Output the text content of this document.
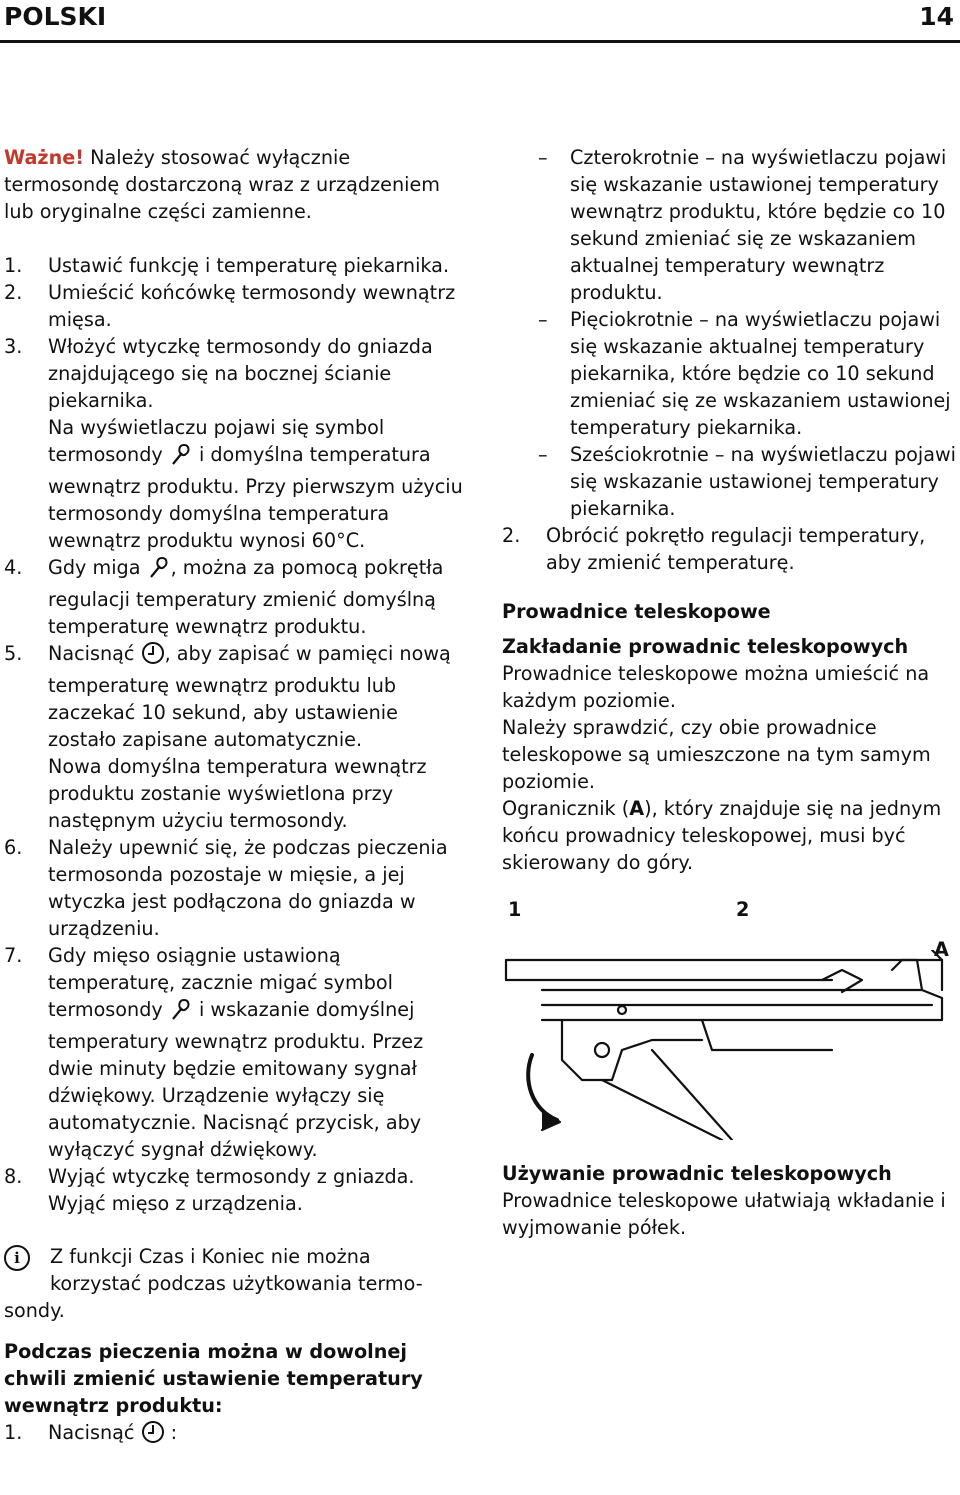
POLSKI	14

Ważne! Należy stosować wyłącznie termosondę dostarczoną wraz z urządzeniem lub oryginalne części zamienne.

1. Ustawić funkcję i temperaturę piekarnika.
2. Umieścić końcówkę termosondy wewnątrz mięsa.
3. Włożyć wtyczkę termosondy do gniazda znajdującego się na bocznej ścianie piekarnika.
Na wyświetlaczu pojawi się symbol termosondy  i domyślna temperatura wewnątrz produktu. Przy pierwszym użyciu termosondy domyślna temperatura wewnątrz produktu wynosi 60°C.
4. Gdy miga , można za pomocą pokrętła regulacji temperatury zmienić domyślną temperaturę wewnątrz produktu.
5. Nacisnąć , aby zapisać w pamięci nową temperaturę wewnątrz produktu lub zaczekać 10 sekund, aby ustawienie zostało zapisane automatycznie.
Nowa domyślna temperatura wewnątrz produktu zostanie wyświetlona przy następnym użyciu termosondy.
6. Należy upewnić się, że podczas pieczenia termosonda pozostaje w mięsie, a jej wtyczka jest podłączona do gniazda w urządzeniu.
7. Gdy mięso osiągnie ustawioną temperaturę, zacznie migać symbol termosondy  i wskazanie domyślnej temperatury wewnątrz produktu. Przez dwie minuty będzie emitowany sygnał dźwiękowy. Urządzenie wyłączy się automatycznie. Nacisnąć przycisk, aby wyłączyć sygnał dźwiękowy.
8. Wyjąć wtyczkę termosondy z gniazda. Wyjąć mięso z urządzenia.
i	Z funkcji Czas i Koniec nie można korzystać podczas użytkowania termo-
sondy.

Podczas pieczenia można w dowolnej chwili zmienić ustawienie temperatury wewnątrz produktu:

1. Nacisnąć  :
– Czterokrotnie – na wyświetlaczu pojawi się wskazanie ustawionej temperatury wewnątrz produktu, które będzie co 10 sekund zmieniać się ze wskazaniem aktualnej temperatury wewnątrz produktu.
– Pięciokrotnie – na wyświetlaczu pojawi się wskazanie aktualnej temperatury piekarnika, które będzie co 10 sekund zmieniać się ze wskazaniem ustawionej temperatury piekarnika.
– Sześciokrotnie – na wyświetlaczu pojawi się wskazanie ustawionej temperatury piekarnika.
2. Obrócić pokrętło regulacji temperatury, aby zmienić temperaturę.

Prowadnice teleskopowe

Zakładanie prowadnic teleskopowych

Prowadnice teleskopowe można umieścić na każdym poziomie.

Należy sprawdzić, czy obie prowadnice teleskopowe są umieszczone na tym samym poziomie.

Ogranicznik (A), który znajduje się na jednym końcu prowadnicy teleskopowej, musi być skierowany do góry.

1	2
A

Używanie prowadnic teleskopowych

Prowadnice teleskopowe ułatwiają wkładanie i wyjmowanie półek.
